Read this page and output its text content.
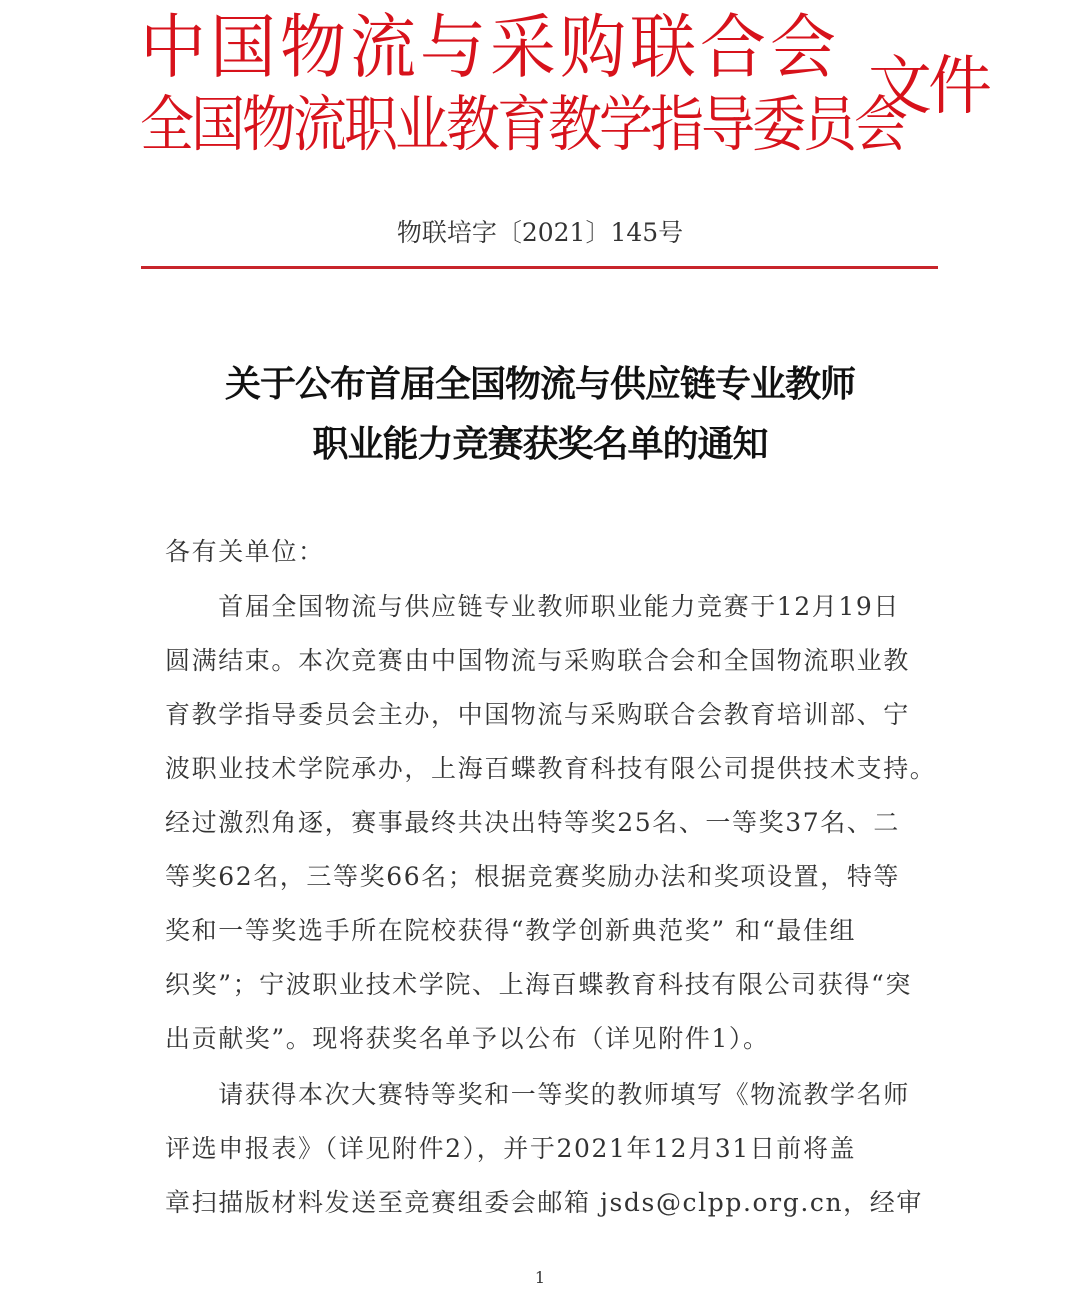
中国物流与采购联合会
全国物流职业教育教学指导委员会
文件
物联培字〔2021〕145号
关于公布首届全国物流与供应链专业教师
职业能力竞赛获奖名单的通知
各有关单位：
　　首届全国物流与供应链专业教师职业能力竞赛于12月19日
圆满结束。本次竞赛由中国物流与采购联合会和全国物流职业教
育教学指导委员会主办，中国物流与采购联合会教育培训部、宁
波职业技术学院承办，上海百蝶教育科技有限公司提供技术支持。
经过激烈角逐，赛事最终共决出特等奖25名、一等奖37名、二
等奖62名，三等奖66名；根据竞赛奖励办法和奖项设置，特等
奖和一等奖选手所在院校获得“教学创新典范奖” 和“最佳组
织奖”；宁波职业技术学院、上海百蝶教育科技有限公司获得“突
出贡献奖”。现将获奖名单予以公布（详见附件1）。
　　请获得本次大赛特等奖和一等奖的教师填写《物流教学名师
评选申报表》（详见附件2），并于2021年12月31日前将盖
章扫描版材料发送至竞赛组委会邮箱 jsds@clpp.org.cn，经审
1
